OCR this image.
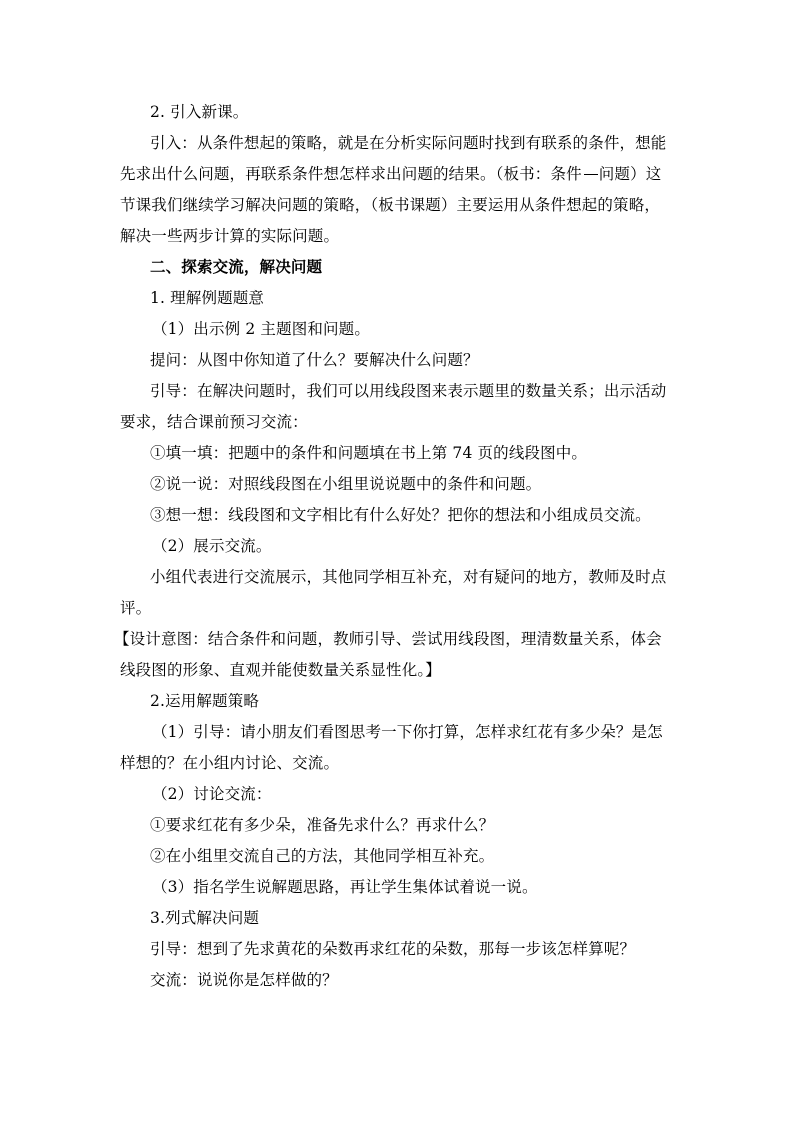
2. 引入新课。
引入：从条件想起的策略，就是在分析实际问题时找到有联系的条件，想能
先求出什么问题，再联系条件想怎样求出问题的结果。（板书：条件 问题）这
节课我们继续学习解决问题的策略，（板书课题）主要运用从条件想起的策略，
解决一些两步计算的实际问题。
二、探索交流，解决问题
1. 理解例题题意
（1）出示例 2 主题图和问题。
提问：从图中你知道了什么？要解决什么问题？
引导：在解决问题时，我们可以用线段图来表示题里的数量关系；出示活动
要求，结合课前预习交流：
①填一填：把题中的条件和问题填在书上第 74 页的线段图中。
②说一说：对照线段图在小组里说说题中的条件和问题。
③想一想：线段图和文字相比有什么好处？把你的想法和小组成员交流。
（2）展示交流。
小组代表进行交流展示，其他同学相互补充，对有疑问的地方，教师及时点
评。
【设计意图：结合条件和问题，教师引导、尝试用线段图，理清数量关系，体会
线段图的形象、直观并能使数量关系显性化。】
2.运用解题策略
（1）引导：请小朋友们看图思考一下你打算，怎样求红花有多少朵？是怎
样想的？在小组内讨论、交流。
（2）讨论交流：
①要求红花有多少朵，准备先求什么？再求什么？
②在小组里交流自己的方法，其他同学相互补充。
（3）指名学生说解题思路，再让学生集体试着说一说。
3.列式解决问题
引导：想到了先求黄花的朵数再求红花的朵数，那每一步该怎样算呢？
交流：说说你是怎样做的？
